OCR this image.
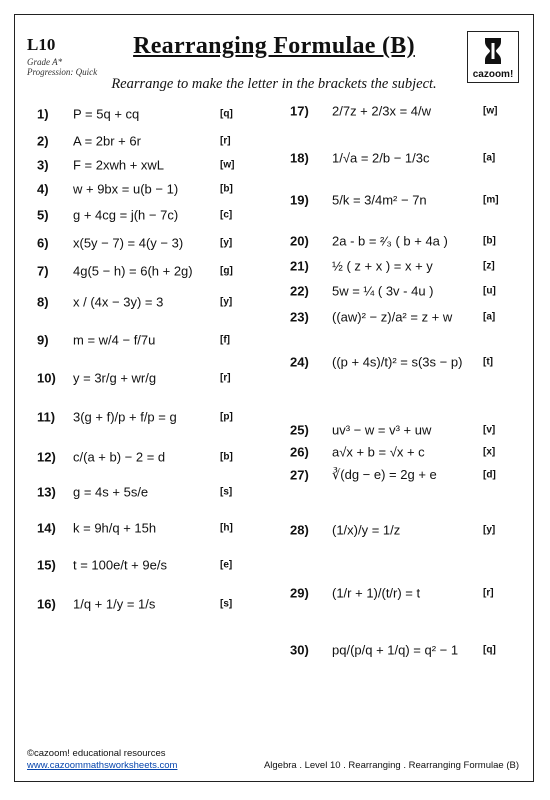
L10
Grade A*
Progression: Quick
Rearranging Formulae (B)
Rearrange to make the letter in the brackets the subject.
cazoom!
1) P = 5q + cq	[q]
2) A = 2br + 6r	[r]
3) F = 2xwh + xwL	[w]
4) w + 9bx = u(b − 1)	[b]
5) g + 4cg = j(h − 7c)	[c]
6) x(5y − 7) = 4(y − 3)	[y]
7) 4g(5 − h) = 6(h + 2g)	[g]
8) x / (4x − 3y) = 3	[y]
9) m = w/4 − f/7u	[f]
10) y = 3r/g + wr/g	[r]
11) 3(g + f)/p + f/p = g	[p]
12) c/(a + b) − 2 = d	[b]
13) g = 4s + 5s/e	[s]
14) k = 9h/q + 15h	[h]
15) t = 100e/t + 9e/s	[e]
16) 1/q + 1/y = 1/s	[s]
17) 2/7z + 2/3x = 4/w	[w]
18) 1/√a = 2/b − 1/3c	[a]
19) 5/k = 3/4m² − 7n	[m]
20) 2a - b = ²⁄₃ ( b + 4a )	[b]
21) ½ ( z + x ) = x + y	[z]
22) 5w = ¼ ( 3v - 4u )	[u]
23) ((aw)² − z)/a² = z + w	[a]
24) ((p + 4s)/t)² = s(3s − p) [t]
25) uv³ − w = v³ + uw	[v]
26) a√x + b = √x + c	[x]
27) ∛(dg − e) = 2g + e	[d]
28) (1/x)/y = 1/z	[y]
29) (1/r + 1)/(t/r) = t	[r]
30) pq/(p/q + 1/q) = q² − 1 [q]
©cazoom! educational resources
www.cazoommathsworksheets.com	Algebra . Level 10 . Rearranging . Rearranging Formulae (B)
